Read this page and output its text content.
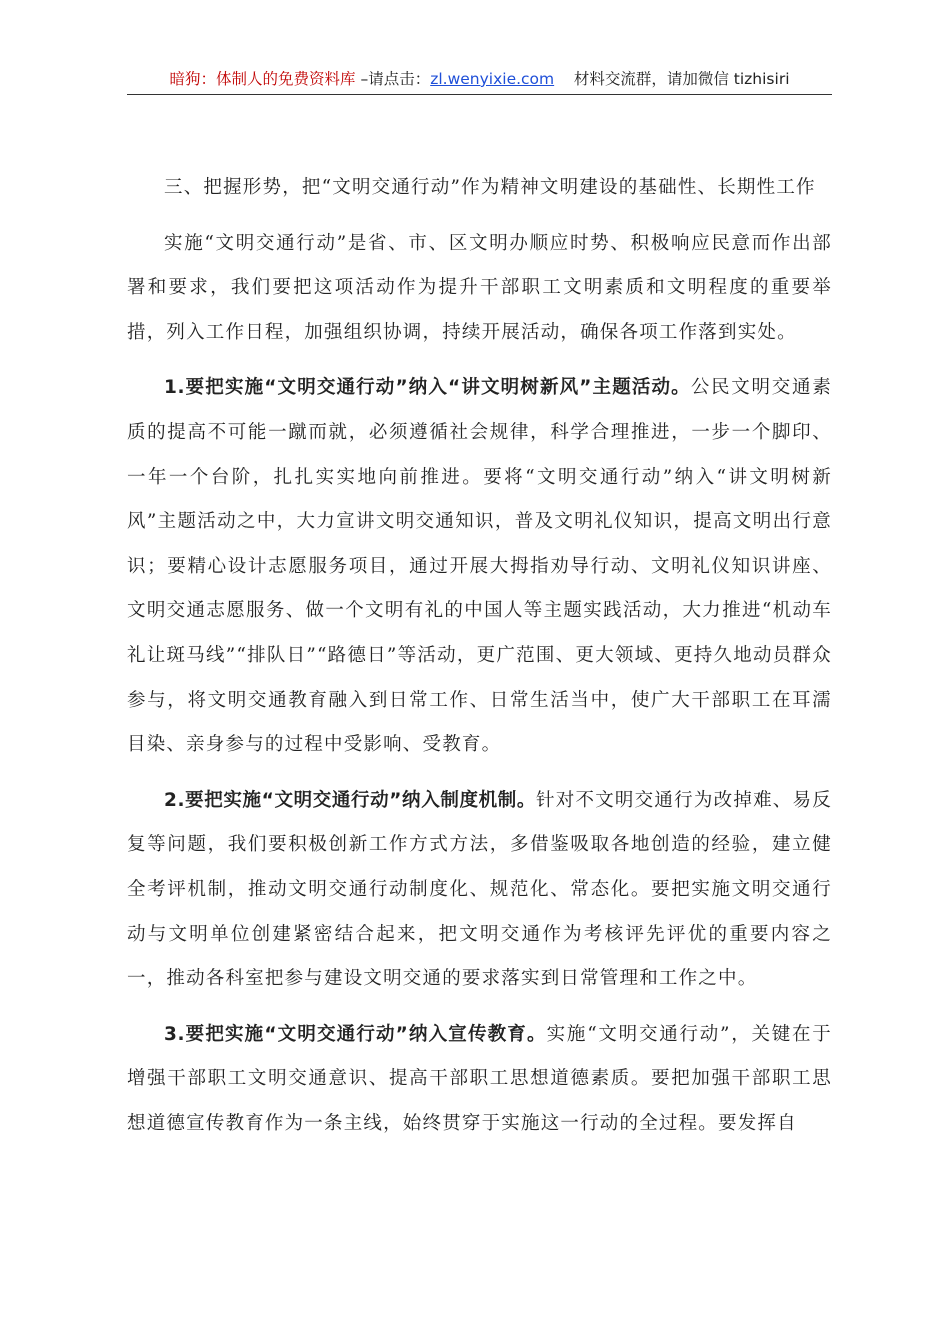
暗狗：体制人的免费资料库 –请点击：zl.wenyixie.com 材料交流群，请加微信 tizhisiri

三、把握形势，把“文明交通行动”作为精神文明建设的基础性、长期性工作

实施“文明交通行动”是省、市、区文明办顺应时势、积极响应民意而作出部署和要求，我们要把这项活动作为提升干部职工文明素质和文明程度的重要举措，列入工作日程，加强组织协调，持续开展活动，确保各项工作落到实处。

1.要把实施“文明交通行动”纳入“讲文明树新风”主题活动。公民文明交通素质的提高不可能一蹴而就，必须遵循社会规律，科学合理推进，一步一个脚印、一年一个台阶，扎扎实实地向前推进。要将“文明交通行动”纳入“讲文明树新风”主题活动之中，大力宣讲文明交通知识，普及文明礼仪知识，提高文明出行意识；要精心设计志愿服务项目，通过开展大拇指劝导行动、文明礼仪知识讲座、文明交通志愿服务、做一个文明有礼的中国人等主题实践活动，大力推进“机动车礼让斑马线”“排队日”“路德日”等活动，更广范围、更大领域、更持久地动员群众参与，将文明交通教育融入到日常工作、日常生活当中，使广大干部职工在耳濡目染、亲身参与的过程中受影响、受教育。

2.要把实施“文明交通行动”纳入制度机制。针对不文明交通行为改掉难、易反复等问题，我们要积极创新工作方式方法，多借鉴吸取各地创造的经验，建立健全考评机制，推动文明交通行动制度化、规范化、常态化。要把实施文明交通行动与文明单位创建紧密结合起来，把文明交通作为考核评先评优的重要内容之一，推动各科室把参与建设文明交通的要求落实到日常管理和工作之中。

3.要把实施“文明交通行动”纳入宣传教育。实施“文明交通行动”，关键在于增强干部职工文明交通意识、提高干部职工思想道德素质。要把加强干部职工思想道德宣传教育作为一条主线，始终贯穿于实施这一行动的全过程。要发挥自
